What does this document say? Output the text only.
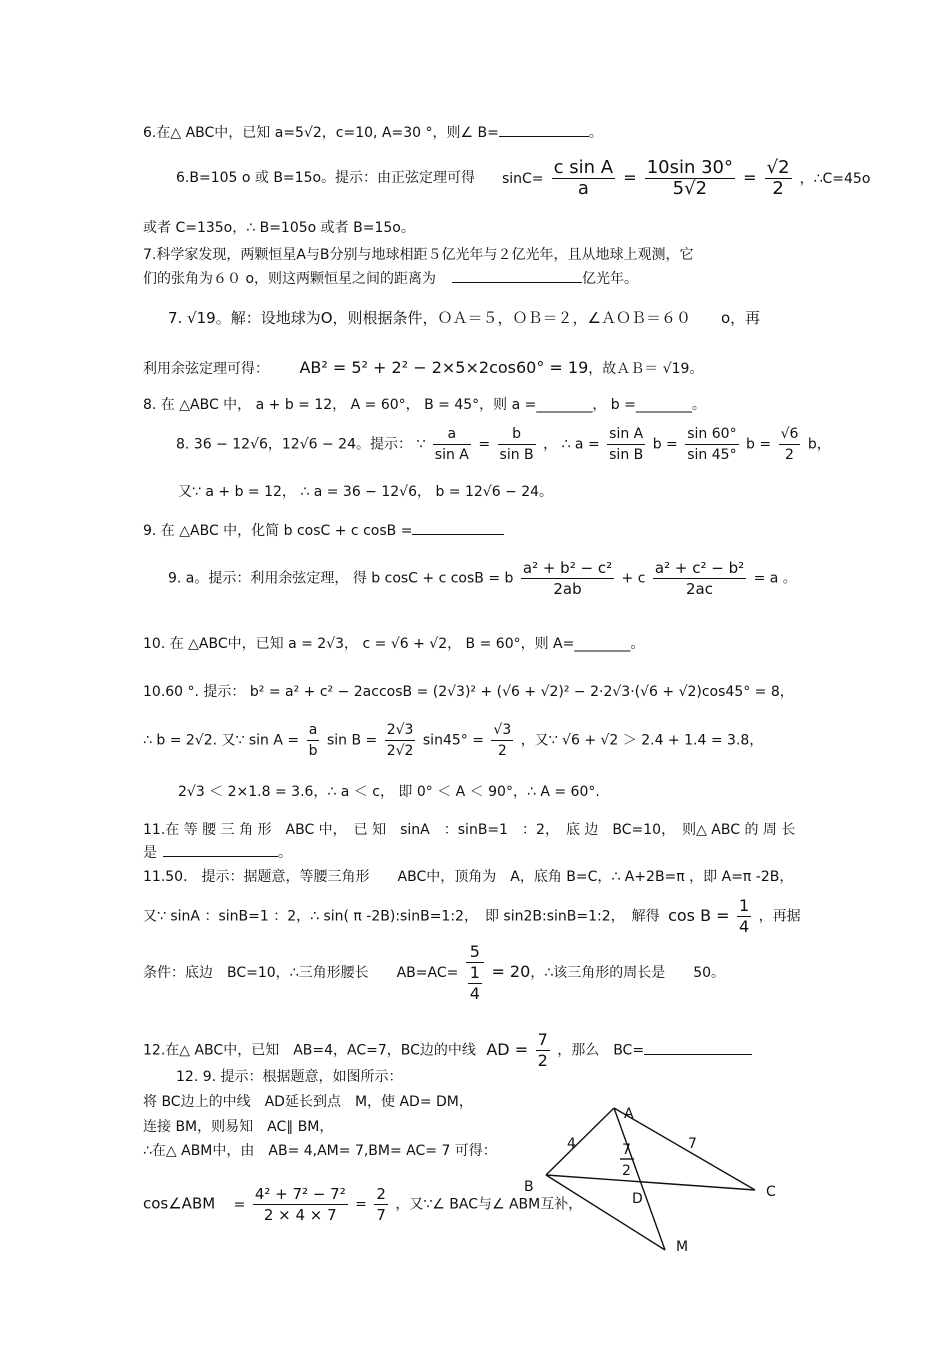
6.在△ ABC中，已知 a=5√2，c=10, A=30 °，则∠ B=	。
6.B=105 o 或 B=15o。提示：由正弦定理可得 $\sin C= \frac{\text{c sin A}}{a} = \frac{10\sin 30^\circ}{5√2} = \frac{√2}{2}$ ，∴C=45o
或者 C=135o，∴ B=105o 或者 B=15o。
7.科学家发现，两颗恒星A与B分别与地球相距５亿光年与２亿光年，且从地球上观测，它
们的张角为６０ o，则这两颗恒星之间的距离为	亿光年。
7. √19。解：设地球为O，则根据条件，ＯＡ＝５，ＯＢ＝２，∠ＡＯＢ＝６０　　o，再
利用余弦定理可得： AB² = 5² + 2² − 2×5×2cos60° = 19，故ＡＢ＝ √19。
8. 在 △ABC 中， a + b = 12， A = 60°， B = 45°，则 a =________， b =________。
8. 36 − 12√6，12√6 − 24。提示： ∵ $\frac{a}{\text{sin A}} = \frac{b}{\text{sin B}}$ ， ∴ $a = \frac{\text{sin A}}{\text{sin B}}$ $b = \frac{\sin 60^\circ}{\sin 45^\circ}$ $b = \frac{√6}{2}$ b，
又∵ a + b = 12， ∴ a = 36 − 12√6， b = 12√6 − 24。
9. 在 △ABC 中，化简 b cosC + c cosB =
9. a。提示：利用余弦定理， 得 b cosC + c cosB = b $\frac{\text{a² + b² − c²}}{2ab} + c \frac{\text{a² + c² − b²}}{2ac} = a$ 。
10. 在 △ABC中，已知 a = 2√3， c = √6 + √2， B = 60°，则 A=________。
10.60 °. 提示： b² = a² + c² − 2accosB = (2√3)² + (√6 + √2)² − 2·2√3·(√6 + √2)cos45° = 8，
∴ b = 2√2. 又∵ $\sin A = \frac{a}{b}$ $\sin B = \frac{2√3}{2√2} \sin 45^\circ = \frac{√3}{2}$ ，又∵ √6 + √2 ＞ 2.4 + 1.4 = 3.8，
2√3 ＜ 2×1.8 = 3.6，∴ a ＜ c， 即 0° ＜ A ＜ 90°，∴ A = 60°.
11.在 等 腰 三 角 形　ABC 中，　已 知　sinA　：sinB=1　：2，　底 边　BC=10，　则△ ABC 的 周 长
是	。
11.50． 提示：据题意，等腰三角形　　ABC中，顶角为　A，底角 B=C，∴ A+2B=π ，即 A=π -2B，
又∵ sinA ：sinB=1 ：2，∴ sin( π -2B):sinB=1:2，　即 sin2B:sinB=1:2，　解得 $\cos B = \frac{1}{4}$ ，再据
条件：底边　BC=10，∴三角形腰长　　AB=AC= 5
1
4 = 20，∴该三角形的周长是　　50。
12.在△ ABC中，已知　AB=4，AC=7，BC边的中线 AD = $\frac{7}{2}$ ，那么　BC=
12. 9. 提示：根据题意，如图所示：
将 BC边上的中线　AD延长到点　M，使 AD= DM，
连接 BM，则易知　AC∥ BM，
∴在△ ABM中，由　AB= 4,AM= 7,BM= AC= 7 可得：
cos∠ABM = $\frac{\text{4² + 7² − 7²}}{2 \times 4 \times 7} = \frac{2}{7}$ ，又∵∠ BAC与∠ ABM互补，
A
B	C
D
M
4	7
7
2
